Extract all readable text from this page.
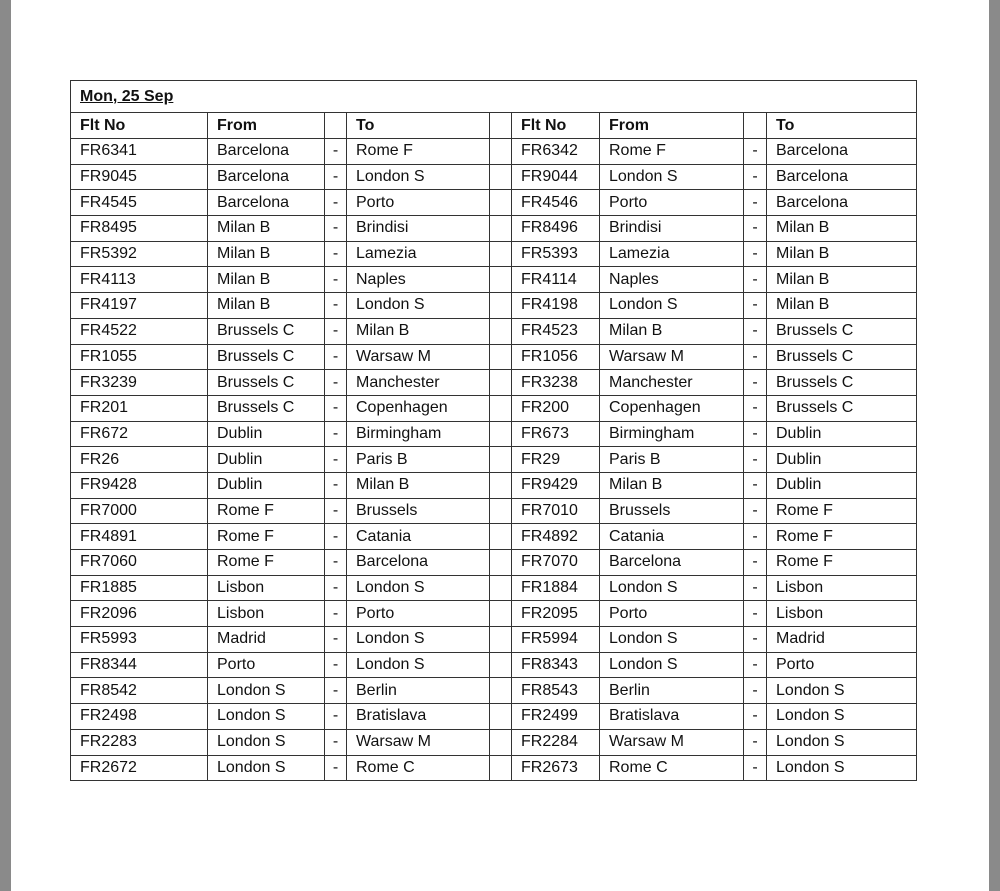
Mon, 25 Sep								
Flt No	From		To		Flt No	From		To
FR6341	Barcelona	-	Rome F		FR6342	Rome F	-	Barcelona
FR9045	Barcelona	-	London S		FR9044	London S	-	Barcelona
FR4545	Barcelona	-	Porto		FR4546	Porto	-	Barcelona
FR8495	Milan B	-	Brindisi		FR8496	Brindisi	-	Milan B
FR5392	Milan B	-	Lamezia		FR5393	Lamezia	-	Milan B
FR4113	Milan B	-	Naples		FR4114	Naples	-	Milan B
FR4197	Milan B	-	London S		FR4198	London S	-	Milan B
FR4522	Brussels C	-	Milan B		FR4523	Milan B	-	Brussels C
FR1055	Brussels C	-	Warsaw M		FR1056	Warsaw M	-	Brussels C
FR3239	Brussels C	-	Manchester		FR3238	Manchester	-	Brussels C
FR201	Brussels C	-	Copenhagen		FR200	Copenhagen	-	Brussels C
FR672	Dublin	-	Birmingham		FR673	Birmingham	-	Dublin
FR26	Dublin	-	Paris B		FR29	Paris B	-	Dublin
FR9428	Dublin	-	Milan B		FR9429	Milan B	-	Dublin
FR7000	Rome F	-	Brussels		FR7010	Brussels	-	Rome F
FR4891	Rome F	-	Catania		FR4892	Catania	-	Rome F
FR7060	Rome F	-	Barcelona		FR7070	Barcelona	-	Rome F
FR1885	Lisbon	-	London S		FR1884	London S	-	Lisbon
FR2096	Lisbon	-	Porto		FR2095	Porto	-	Lisbon
FR5993	Madrid	-	London S		FR5994	London S	-	Madrid
FR8344	Porto	-	London S		FR8343	London S	-	Porto
FR8542	London S	-	Berlin		FR8543	Berlin	-	London S
FR2498	London S	-	Bratislava		FR2499	Bratislava	-	London S
FR2283	London S	-	Warsaw M		FR2284	Warsaw M	-	London S
FR2672	London S	-	Rome C		FR2673	Rome C	-	London S
